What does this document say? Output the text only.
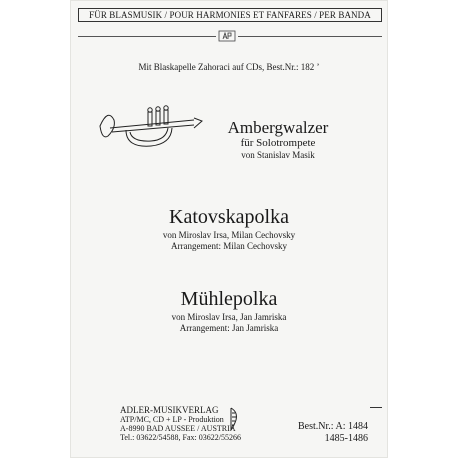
FÜR BLASMUSIK / POUR HARMONIES ET FANFARES / PER BANDA
Mit Blaskapelle Zahoraci auf CDs, Best.Nr.: 182 ’
Ambergwalzer
für Solotrompete
von Stanislav Masik
Katovskapolka
von Miroslav Irsa, Milan Cechovsky
Arrangement: Milan Cechovsky
Mühlepolka
von Miroslav Irsa, Jan Jamriska
Arrangement: Jan Jamriska
ADLER-MUSIKVERLAG
ATP/MC, CD + LP - Produktion
A-8990 BAD AUSSEE / AUSTRIA
Tel.: 03622/54588, Fax: 03622/55266
Best.Nr.: A: 1484
1485-1486
